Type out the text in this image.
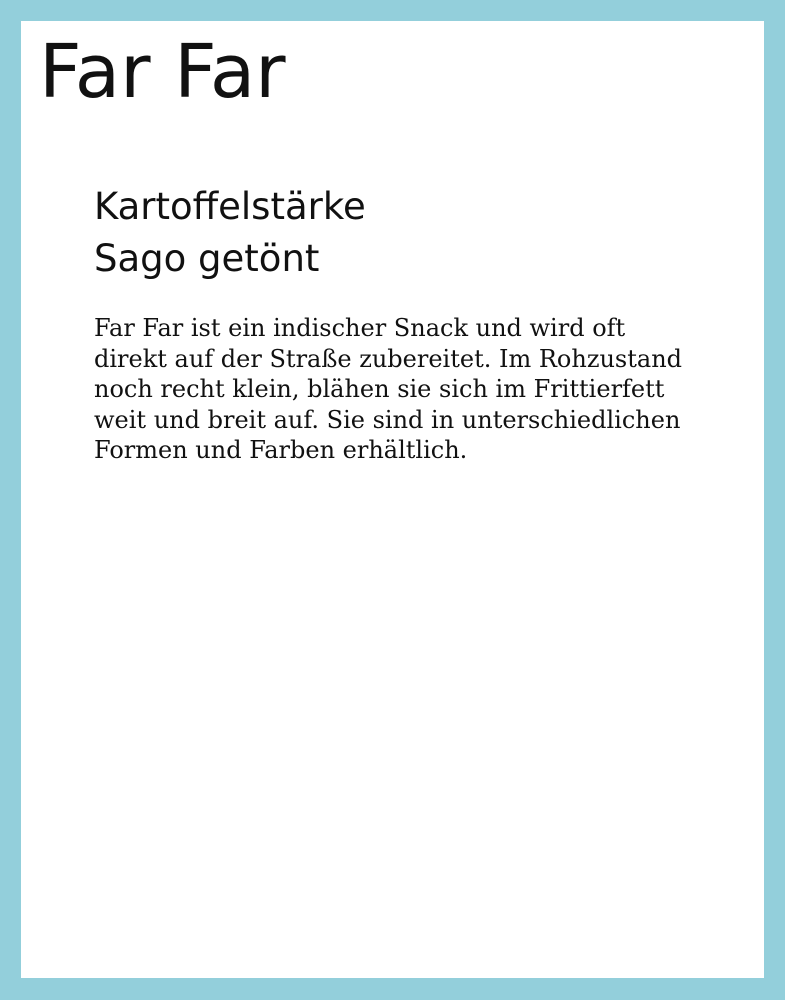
Far Far
Kartoffelstärke
Sago getönt

Far Far ist ein indischer Snack und wird oft
direkt auf der Straße zubereitet. Im Rohzustand
noch recht klein, blähen sie sich im Frittierfett
weit und breit auf. Sie sind in unterschiedlichen
Formen und Farben erhältlich.
